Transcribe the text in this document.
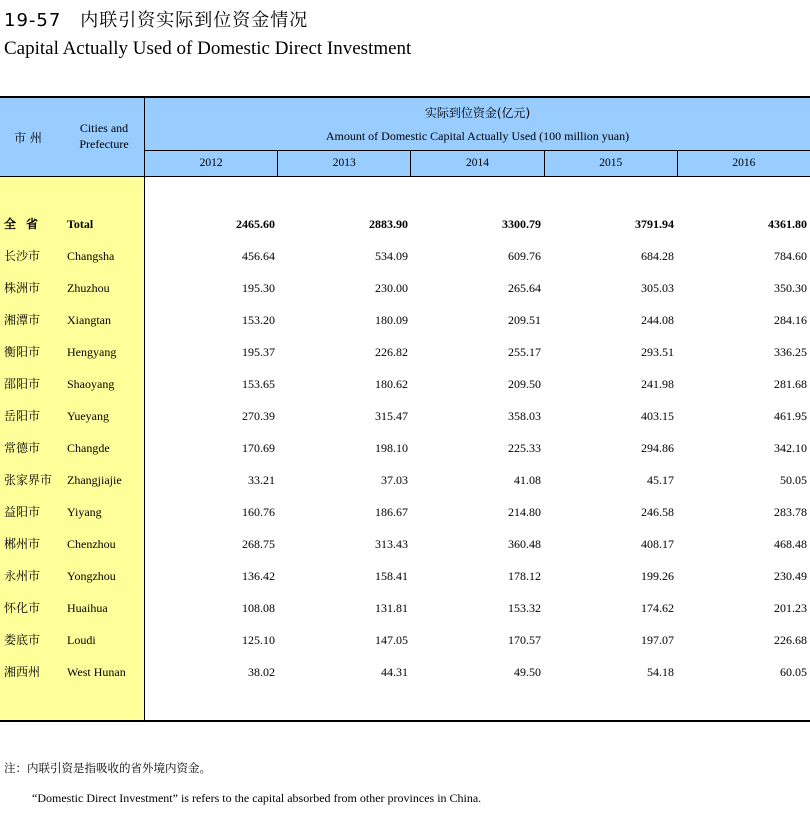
19-57　内联引资实际到位资金情况
Capital Actually Used of Domestic Direct Investment
市 州
Cities and Prefecture
实际到位资金(亿元)
Amount of Domestic Capital Actually Used (100 million yuan)
2012	2013	2014	2015	2016
全省 Total	2465.60	2883.90	3300.79	3791.94	4361.80
长沙市 Changsha	456.64	534.09	609.76	684.28	784.60
株洲市 Zhuzhou	195.30	230.00	265.64	305.03	350.30
湘潭市 Xiangtan	153.20	180.09	209.51	244.08	284.16
衡阳市 Hengyang	195.37	226.82	255.17	293.51	336.25
邵阳市 Shaoyang	153.65	180.62	209.50	241.98	281.68
岳阳市 Yueyang	270.39	315.47	358.03	403.15	461.95
常德市 Changde	170.69	198.10	225.33	294.86	342.10
张家界市 Zhangjiajie	33.21	37.03	41.08	45.17	50.05
益阳市 Yiyang	160.76	186.67	214.80	246.58	283.78
郴州市 Chenzhou	268.75	313.43	360.48	408.17	468.48
永州市 Yongzhou	136.42	158.41	178.12	199.26	230.49
怀化市 Huaihua	108.08	131.81	153.32	174.62	201.23
娄底市 Loudi	125.10	147.05	170.57	197.07	226.68
湘西州 West Hunan	38.02	44.31	49.50	54.18	60.05
注：内联引资是指吸收的省外境内资金。
“Domestic Direct Investment” is refers to the capital absorbed from other provinces in China.
